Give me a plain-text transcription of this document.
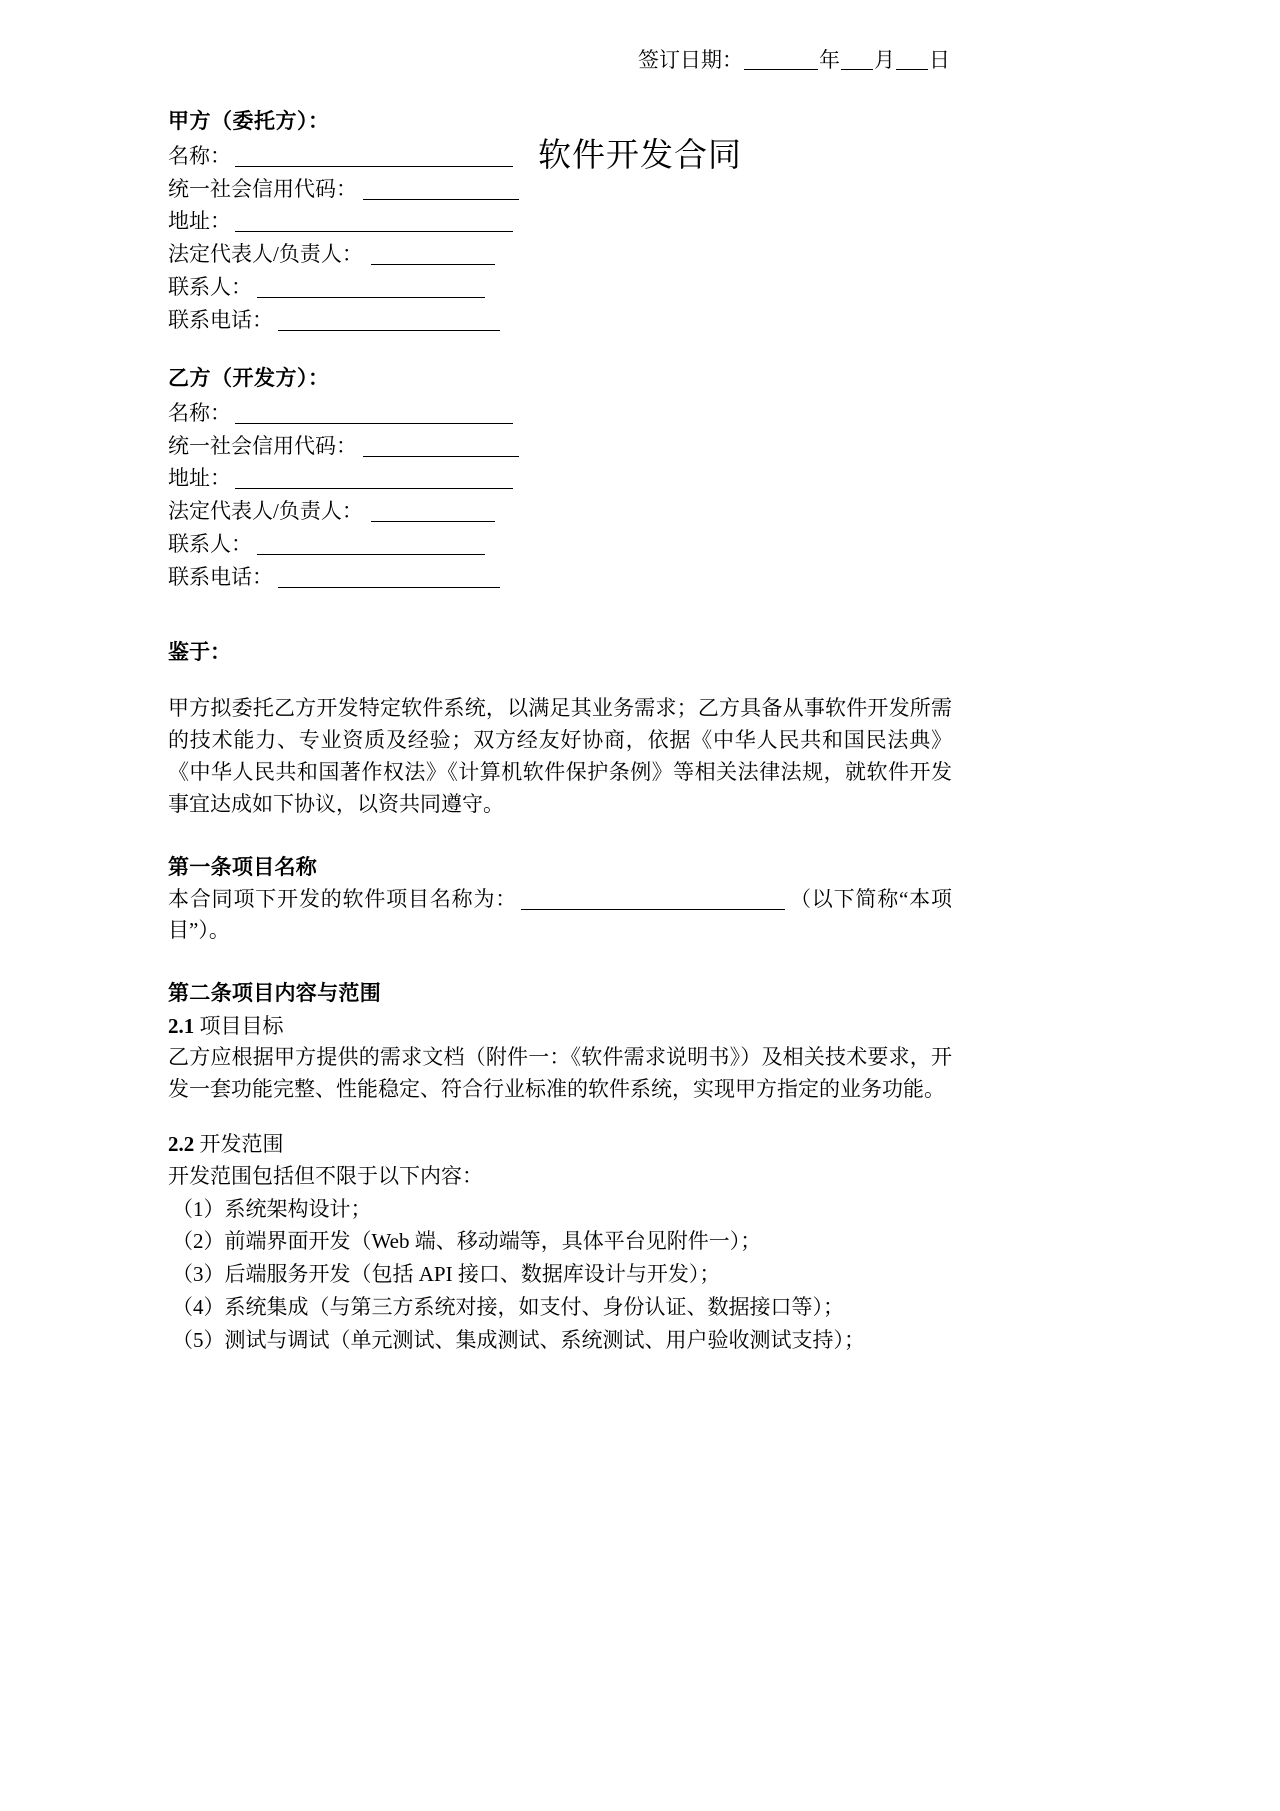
软件开发合同
签订日期：	年 月 日
甲方（委托方）：
名称：
统一社会信用代码：
地址：
法定代表人/负责人：
联系人：
联系电话：
乙方（开发方）：
名称：
统一社会信用代码：
地址：
法定代表人/负责人：
联系人：
联系电话：
鉴于：

甲方拟委托乙方开发特定软件系统，以满足其业务需求；乙方具备从事软件开发所需的技术能力、专业资质及经验；双方经友好协商，依据《中华人民共和国民法典》《中华人民共和国著作权法》《计算机软件保护条例》等相关法律法规，就软件开发事宜达成如下协议，以资共同遵守。

第一条项目名称

本合同项下开发的软件项目名称为：	（以下简称“本项目”）。

第二条项目内容与范围
2.1 项目目标

乙方应根据甲方提供的需求文档（附件一：《软件需求说明书》）及相关技术要求，开发一套功能完整、性能稳定、符合行业标准的软件系统，实现甲方指定的业务功能。

2.2 开发范围

开发范围包括但不限于以下内容：

（1）系统架构设计；
（2）前端界面开发（Web 端、移动端等，具体平台见附件一）；
（3）后端服务开发（包括 API 接口、数据库设计与开发）；
（4）系统集成（与第三方系统对接，如支付、身份认证、数据接口等）；
（5）测试与调试（单元测试、集成测试、系统测试、用户验收测试支持）；
